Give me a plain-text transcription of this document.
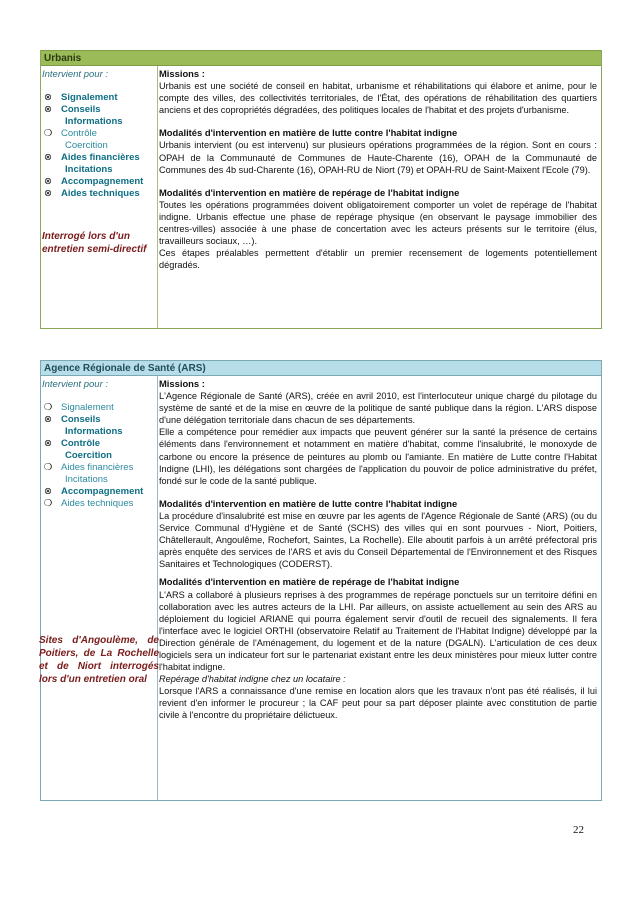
Urbanis
Intervient pour :
⊗ Signalement
⊗ Conseils
Informations
❍ Contrôle
Coercition
⊗ Aides financières
Incitations
⊗ Accompagnement
⊗ Aides techniques
Interrogé lors d'un entretien semi-directif

Missions :

Urbanis est une société de conseil en habitat, urbanisme et réhabilitations qui élabore et anime, pour le compte des villes, des collectivités territoriales, de l'État, des opérations de réhabilitation des quartiers anciens et des copropriétés dégradées, des politiques locales de l'habitat et des projets d'urbanisme.

Modalités d'intervention en matière de lutte contre l'habitat indigne

Urbanis intervient (ou est intervenu) sur plusieurs opérations programmées de la région. Sont en cours : OPAH de la Communauté de Communes de Haute-Charente (16), OPAH de la Communauté de Communes des 4b sud-Charente (16), OPAH-RU de Niort (79) et OPAH-RU de Saint-Maixent l'Ecole (79).

Modalités d'intervention en matière de repérage de l'habitat indigne

Toutes les opérations programmées doivent obligatoirement comporter un volet de repérage de l'habitat indigne. Urbanis effectue une phase de repérage physique (en observant le paysage immobilier des centres-villes) associée à une phase de concertation avec les acteurs présents sur le territoire (élus, travailleurs sociaux, …).

Ces étapes préalables permettent d'établir un premier recensement de logements potentiellement dégradés.

Agence Régionale de Santé (ARS)
Intervient pour :
❍ Signalement
⊗ Conseils
Informations
⊗ Contrôle
Coercition
❍ Aides financières
Incitations
⊗ Accompagnement
❍ Aides techniques
Sites d'Angoulème, de Poitiers, de La Rochelle et de Niort interrogés lors d'un entretien oral

Missions :

L'Agence Régionale de Santé (ARS), créée en avril 2010, est l'interlocuteur unique chargé du pilotage du système de santé et de la mise en œuvre de la politique de santé publique dans la région. L'ARS dispose d'une délégation territoriale dans chacun de ses départements.

Elle a compétence pour remédier aux impacts que peuvent générer sur la santé la présence de certains éléments dans l'environnement et notamment en matière d'habitat, comme l'insalubrité, le monoxyde de carbone ou encore la présence de peintures au plomb ou l'amiante. En matière de Lutte contre l'Habitat Indigne (LHI), les délégations sont chargées de l'application du pouvoir de police administrative du préfet, fondé sur le code de la santé publique.

Modalités d'intervention en matière de lutte contre l'habitat indigne

La procédure d'insalubrité est mise en œuvre par les agents de l'Agence Régionale de Santé (ARS) (ou du Service Communal d'Hygiène et de Santé (SCHS) des villes qui en sont pourvues - Niort, Poitiers, Châtellerault, Angoulême, Rochefort, Saintes, La Rochelle). Elle aboutit parfois à un arrêté préfectoral pris après enquête des services de l'ARS et avis du Conseil Départemental de l'Environnement et des Risques Sanitaires et Technologiques (CODERST).

Modalités d'intervention en matière de repérage de l'habitat indigne

L'ARS a collaboré à plusieurs reprises à des programmes de repérage ponctuels sur un territoire défini en collaboration avec les autres acteurs de la LHI. Par ailleurs, on assiste actuellement au sein des ARS au déploiement du logiciel ARIANE qui pourra également servir d'outil de recueil des signalements. Il fera l'interface avec le logiciel ORTHI (observatoire Relatif au Traitement de l'Habitat Indigne) développé par la Direction générale de l'Aménagement, du logement et de la nature (DGALN). L'articulation de ces deux logiciels sera un indicateur fort sur le partenariat existant entre les deux ministères pour mieux lutter contre l'habitat indigne.

Repérage d'habitat indigne chez un locataire :

Lorsque l'ARS a connaissance d'une remise en location alors que les travaux n'ont pas été réalisés, il lui revient d'en informer le procureur ; la CAF peut pour sa part déposer plainte avec constitution de partie civile à l'encontre du propriétaire délictueux.

22
